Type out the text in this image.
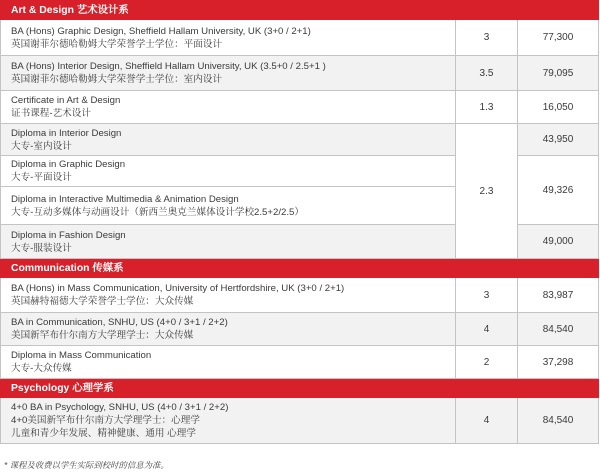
Art & Design 艺术设计系		

BA (Hons) Graphic Design, Sheffield Hallam University, UK (3+0 / 2+1)
英国谢菲尔德哈勒姆大学荣誉学士学位：平面设计	3	77,300

BA (Hons) Interior Design, Sheffield Hallam University, UK (3.5+0 / 2.5+1 )
英国谢菲尔德哈勒姆大学荣誉学士学位：室内设计	3.5	79,095

Certificate in Art & Design
证书课程-艺术设计	1.3	16,050

Diploma in Interior Design
大专-室内设计	2.3	43,950

Diploma in Graphic Design
大专-平面设计		49,326

Diploma in Interactive Multimedia & Animation Design
大专-互动多媒体与动画设计（新西兰奥克兰媒体设计学校2.5+2/2.5）		

Diploma in Fashion Design
大专-服装设计		49,000
Communication 传媒系		

BA (Hons) in Mass Communication, University of Hertfordshire, UK (3+0 / 2+1)
英国赫特福德大学荣誉学士学位：大众传媒	3	83,987

BA in Communication, SNHU, US (4+0 / 3+1 / 2+2)
美国新罕布什尔南方大学理学士：大众传媒	4	84,540

Diploma in Mass Communication
大专-大众传媒	2	37,298
Psychology 心理学系		

4+0 BA in Psychology, SNHU, US (4+0 / 3+1 / 2+2)
4+0美国新罕布什尔南方大学理学士：心理学
儿童和青少年发展、精神健康、通用 心理学	4	84,540
* 课程及收费以学生实际到校时的信息为准。
